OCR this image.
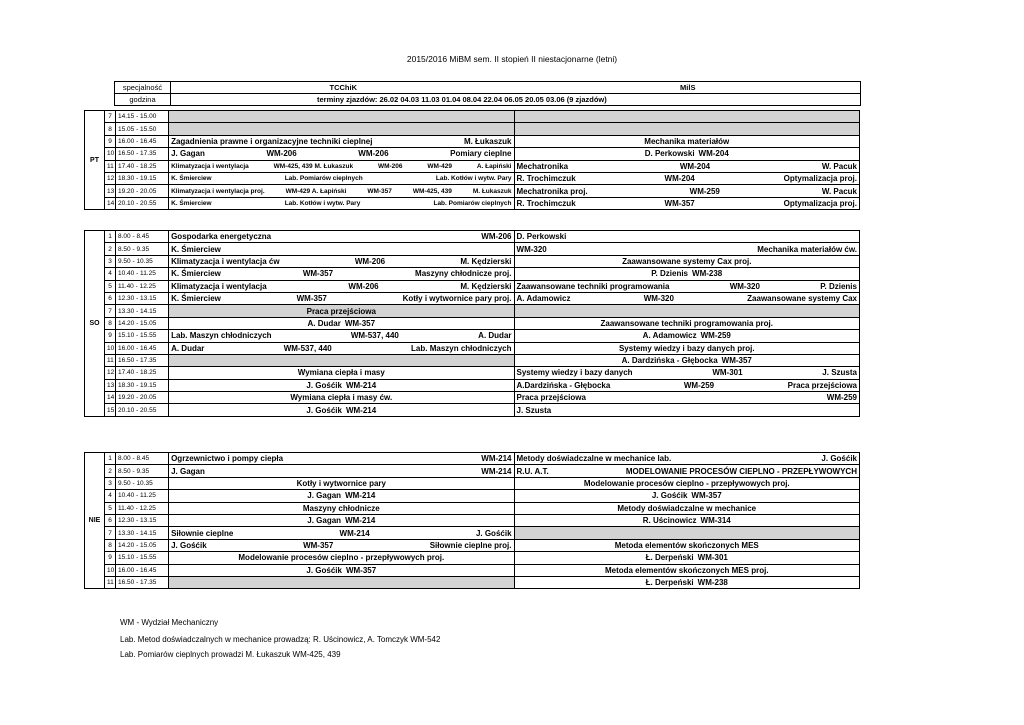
2015/2016 MiBM sem. II stopień II niestacjonarne (letni)
specjalność	TCChiK	MilS
godzina	terminy zjazdów: 26.02 04.03 11.03 01.04 08.04 22.04 06.05 20.05 03.06 (9 zjazdów)	
PT	7	14.15 - 15.00	

	8	15.05 - 15.50	

	9	16.00 - 16.45	Zagadnienia prawne i organizacyjne techniki cieplnej M. Łukaszuk	Mechanika materiałów

	10	16.50 - 17.35	J. Gagan WM-206 WM-206 Pomiary cieplne	D. Perkowski WM-204

	11	17.40 - 18.25	Klimatyzacja i wentylacja WM-425, 439 M. Łukaszuk WM-206 WM-429 A. Łapiński	Mechatronika WM-204 W. Pacuk

	12	18.30 - 19.15	K. Śmierciew Lab. Pomiarów cieplnych Lab. Kotłów i wytw. Pary	R. Trochimczuk WM-204 Optymalizacja proj.

	13	19.20 - 20.05	Klimatyzacja i wentylacja proj. WM-429 A. Łapiński WM-357 WM-425, 439 M. Łukaszuk	Mechatronika proj. WM-259 W. Pacuk

	14	20.10 - 20.55	K. Śmierciew Lab. Kotłów i wytw. Pary Lab. Pomiarów cieplnych	R. Trochimczuk WM-357 Optymalizacja proj.
SO	1	8.00 - 8.45	Gospodarka energetyczna WM-206	D. Perkowski

	2	8.50 - 9.35	K. Śmierciew	WM-320 Mechanika materiałów ćw.

	3	9.50 - 10.35	Klimatyzacja i wentylacja ćw WM-206 M. Kędzierski	Zaawansowane systemy Cax proj.

	4	10.40 - 11.25	K. Śmierciew WM-357 Maszyny chłodnicze proj.	P. Dzienis WM-238

	5	11.40 - 12.25	Klimatyzacja i wentylacja WM-206 M. Kędzierski	Zaawansowane techniki programowania WM-320 P. Dzienis

	6	12.30 - 13.15	K. Śmierciew WM-357 Kotły i wytwornice pary proj.	A. Adamowicz WM-320 Zaawansowane systemy Cax

	7	13.30 - 14.15	Praca przejściowa	

	8	14.20 - 15.05	A. Dudar WM-357	Zaawansowane techniki programowania proj.

	9	15.10 - 15.55	Lab. Maszyn chłodniczych WM-537, 440 A. Dudar	A. Adamowicz WM-259

	10	16.00 - 16.45	A. Dudar WM-537, 440 Lab. Maszyn chłodniczych	Systemy wiedzy i bazy danych proj.

	11	16.50 - 17.35		A. Dardzińska - Głębocka WM-357

	12	17.40 - 18.25	Wymiana ciepła i masy	Systemy wiedzy i bazy danych WM-301 J. Szusta

	13	18.30 - 19.15	J. Gośćik WM-214	A.Dardzińska - Głębocka WM-259 Praca przejściowa

	14	19.20 - 20.05	Wymiana ciepła i masy ćw.	Praca przejściowa WM-259

	15	20.10 - 20.55	J. Gośćik WM-214	J. Szusta
NIE	1	8.00 - 8.45	Ogrzewnictwo i pompy ciepła WM-214	Metody doświadczalne w mechanice lab. J. Gośćik

	2	8.50 - 9.35	J. Gagan WM-214	R.U. A.T. MODELOWANIE PROCESÓW CIEPLNO - PRZEPŁYWOWYCH

	3	9.50 - 10.35	Kotły i wytwornice pary	Modelowanie procesów cieplno - przepływowych proj.

	4	10.40 - 11.25	J. Gagan WM-214	J. Gośćik WM-357

	5	11.40 - 12.25	Maszyny chłodnicze	Metody doświadczalne w mechanice

	6	12.30 - 13.15	J. Gagan WM-214	R. Uścinowicz WM-314

	7	13.30 - 14.15	Siłownie cieplne WM-214 J. Gośćik	

	8	14.20 - 15.05	J. Gośćik WM-357 Siłownie cieplne proj.	Metoda elementów skończonych MES

	9	15.10 - 15.55	Modelowanie procesów cieplno - przepływowych proj.	Ł. Derpeński WM-301

	10	16.00 - 16.45	J. Gośćik WM-357	Metoda elementów skończonych MES proj.

	11	16.50 - 17.35		Ł. Derpeński WM-238
WM - Wydział Mechaniczny
Lab. Metod doświadczalnych w mechanice prowadzą: R. Uścinowicz, A. Tomczyk WM-542
Lab. Pomiarów cieplnych prowadzi M. Łukaszuk WM-425, 439
